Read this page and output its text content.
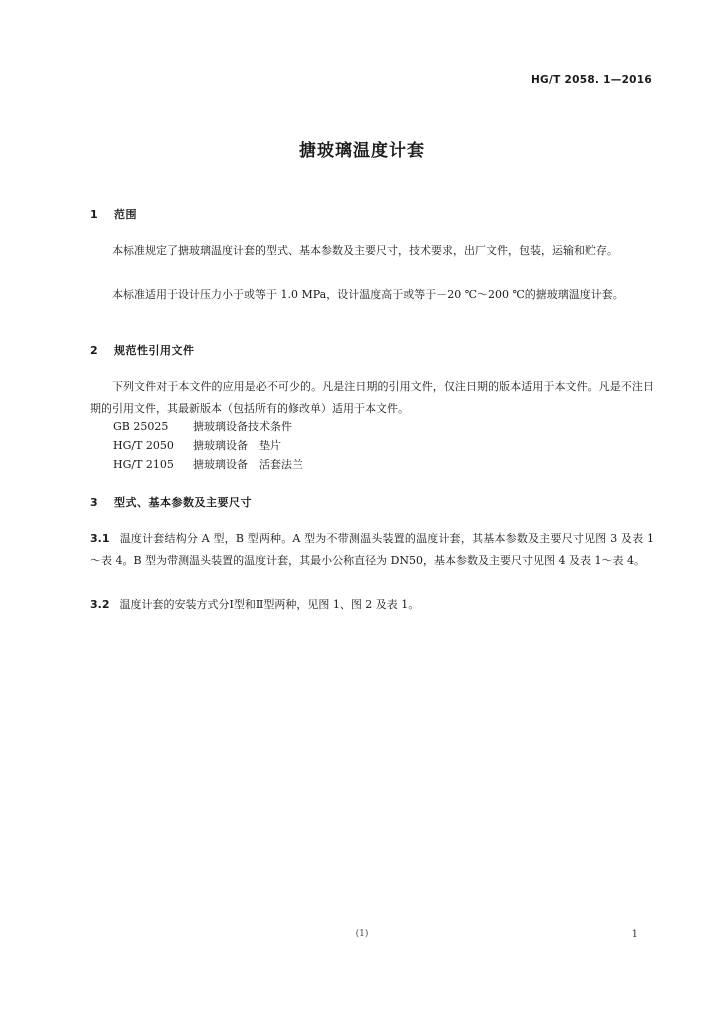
HG/T 2058. 1—2016
搪玻璃温度计套
1 范围

本标准规定了搪玻璃温度计套的型式、基本参数及主要尺寸，技术要求，出厂文件，包装，运输和贮存。

本标准适用于设计压力小于或等于 1.0 MPa，设计温度高于或等于－20 ℃～200 ℃的搪玻璃温度计套。

2 规范性引用文件

下列文件对于本文件的应用是必不可少的。凡是注日期的引用文件，仅注日期的版本适用于本文件。凡是不注日期的引用文件，其最新版本（包括所有的修改单）适用于本文件。

GB 25025 搪玻璃设备技术条件
HG/T 2050 搪玻璃设备　垫片
HG/T 2105 搪玻璃设备　活套法兰
3 型式、基本参数及主要尺寸

3.1 温度计套结构分 A 型，B 型两种。A 型为不带测温头装置的温度计套，其基本参数及主要尺寸见图 3 及表 1～表 4。B 型为带测温头装置的温度计套，其最小公称直径为 DN50，基本参数及主要尺寸见图 4 及表 1～表 4。

3.2 温度计套的安装方式分Ⅰ型和Ⅱ型两种，见图 1、图 2 及表 1。

(1)	1
